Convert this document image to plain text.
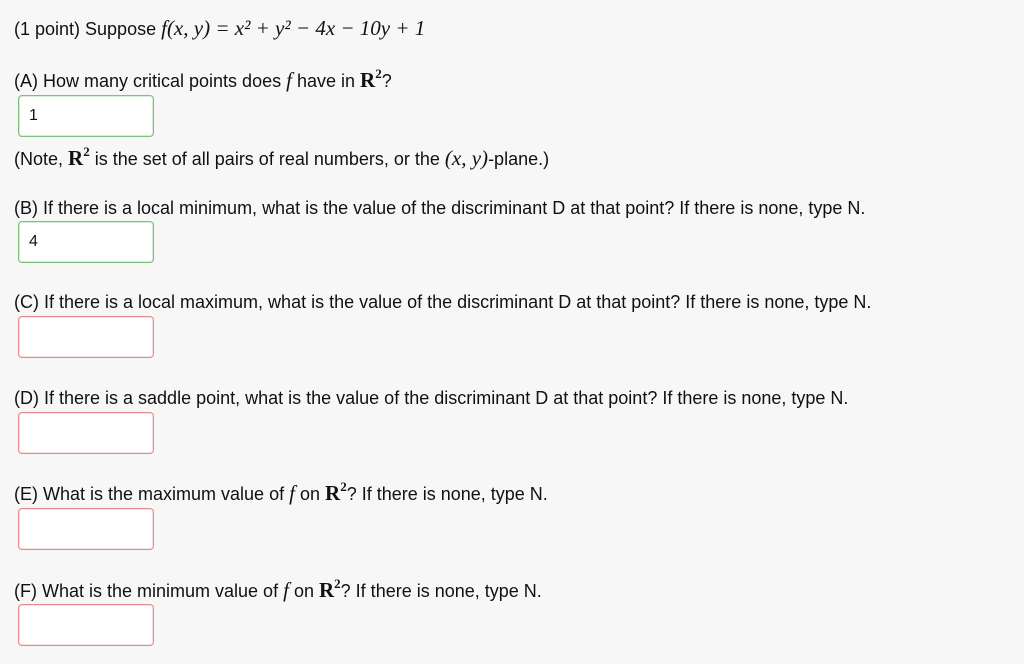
(1 point) Suppose f(x, y) = x² + y² − 4x − 10y + 1
(A) How many critical points does f have in $R^2$?
1
(Note, $R^2$ is the set of all pairs of real numbers, or the (x, y)-plane.)
(B) If there is a local minimum, what is the value of the discriminant D at that point? If there is none, type N.
4
(C) If there is a local maximum, what is the value of the discriminant D at that point? If there is none, type N.
(D) If there is a saddle point, what is the value of the discriminant D at that point? If there is none, type N.
(E) What is the maximum value of f on $R^2$? If there is none, type N.
(F) What is the minimum value of f on $R^2$? If there is none, type N.
